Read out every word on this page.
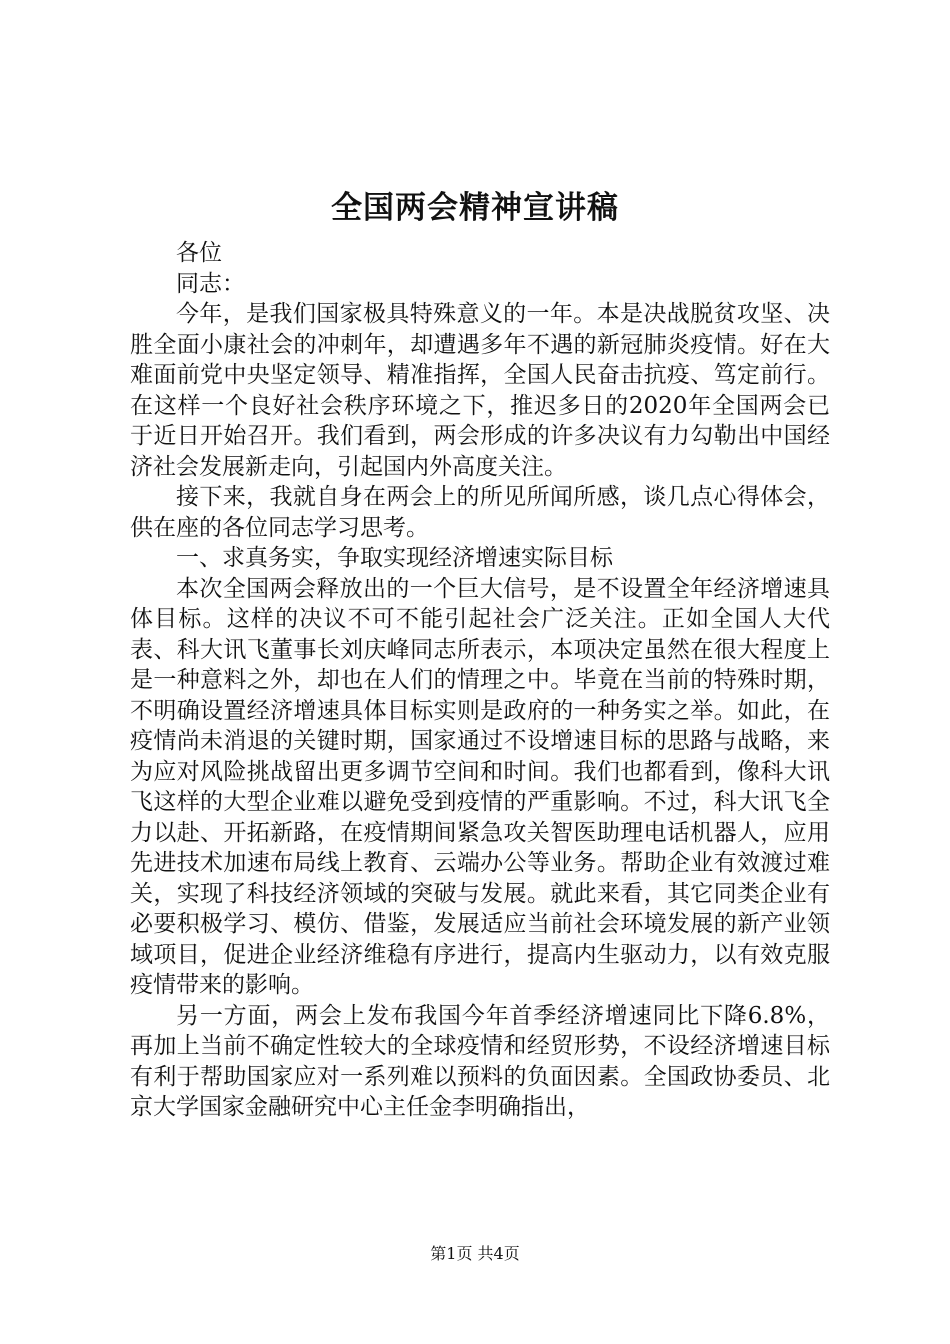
全国两会精神宣讲稿

各位

同志：

今年，是我们国家极具特殊意义的一年。本是决战脱贫攻坚、决胜全面小康社会的冲刺年，却遭遇多年不遇的新冠肺炎疫情。好在大难面前党中央坚定领导、精准指挥，全国人民奋击抗疫、笃定前行。在这样一个良好社会秩序环境之下，推迟多日的2020年全国两会已于近日开始召开。我们看到，两会形成的许多决议有力勾勒出中国经济社会发展新走向，引起国内外高度关注。

接下来，我就自身在两会上的所见所闻所感，谈几点心得体会，供在座的各位同志学习思考。

一、求真务实，争取实现经济增速实际目标

本次全国两会释放出的一个巨大信号，是不设置全年经济增速具体目标。这样的决议不可不能引起社会广泛关注。正如全国人大代表、科大讯飞董事长刘庆峰同志所表示，本项决定虽然在很大程度上是一种意料之外，却也在人们的情理之中。毕竟在当前的特殊时期，不明确设置经济增速具体目标实则是政府的一种务实之举。如此，在疫情尚未消退的关键时期，国家通过不设增速目标的思路与战略，来为应对风险挑战留出更多调节空间和时间。我们也都看到，像科大讯飞这样的大型企业难以避免受到疫情的严重影响。不过，科大讯飞全力以赴、开拓新路，在疫情期间紧急攻关智医助理电话机器人，应用先进技术加速布局线上教育、云端办公等业务。帮助企业有效渡过难关，实现了科技经济领域的突破与发展。就此来看，其它同类企业有必要积极学习、模仿、借鉴，发展适应当前社会环境发展的新产业领域项目，促进企业经济维稳有序进行，提高内生驱动力，以有效克服疫情带来的影响。

另一方面，两会上发布我国今年首季经济增速同比下降6.8%，再加上当前不确定性较大的全球疫情和经贸形势，不设经济增速目标有利于帮助国家应对一系列难以预料的负面因素。全国政协委员、北京大学国家金融研究中心主任金李明确指出，

第1页 共4页
